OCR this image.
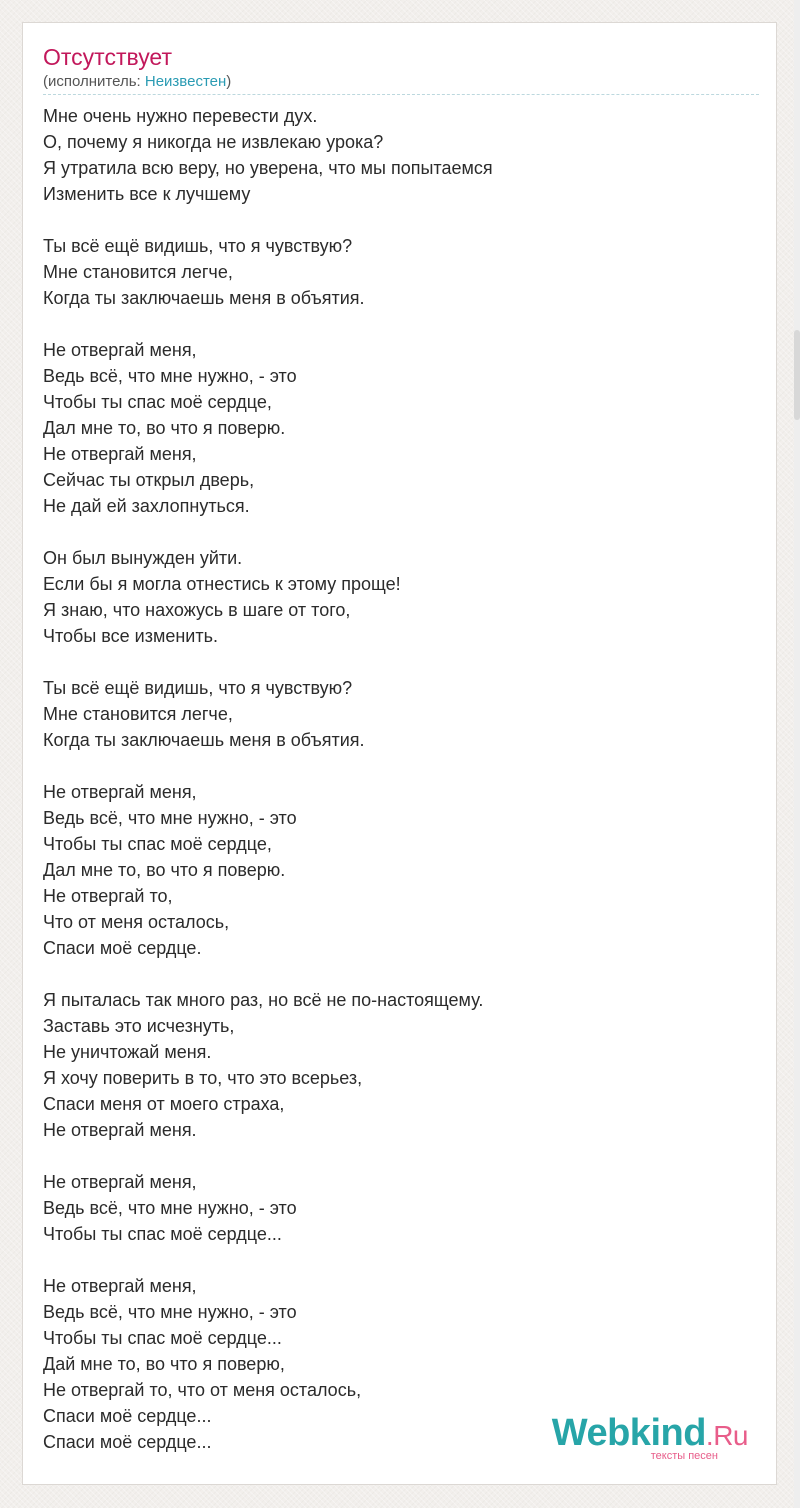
Отсутствует
(исполнитель: Неизвестен)
Мне очень нужно перевести дух.
О, почему я никогда не извлекаю урока?
Я утратила всю веру, но уверена, что мы попытаемся
Изменить все к лучшему
Ты всё ещё видишь, что я чувствую?
Мне становится легче,
Когда ты заключаешь меня в объятия.
Не отвергай меня,
Ведь всё, что мне нужно, - это
Чтобы ты спас моё сердце,
Дал мне то, во что я поверю.
Не отвергай меня,
Сейчас ты открыл дверь,
Не дай ей захлопнуться.
Он был вынужден уйти.
Если бы я могла отнестись к этому проще!
Я знаю, что нахожусь в шаге от того,
Чтобы все изменить.
Ты всё ещё видишь, что я чувствую?
Мне становится легче,
Когда ты заключаешь меня в объятия.
Не отвергай меня,
Ведь всё, что мне нужно, - это
Чтобы ты спас моё сердце,
Дал мне то, во что я поверю.
Не отвергай то,
Что от меня осталось,
Спаси моё сердце.
Я пыталась так много раз, но всё не по-настоящему.
Заставь это исчезнуть,
Не уничтожай меня.
Я хочу поверить в то, что это всерьез,
Спаси меня от моего страха,
Не отвергай меня.
Не отвергай меня,
Ведь всё, что мне нужно, - это
Чтобы ты спас моё сердце...
Не отвергай меня,
Ведь всё, что мне нужно, - это
Чтобы ты спас моё сердце...
Дай мне то, во что я поверю,
Не отвергай то, что от меня осталось,
Спаси моё сердце...
Спаси моё сердце...	Webkind.Ru
тексты песен
